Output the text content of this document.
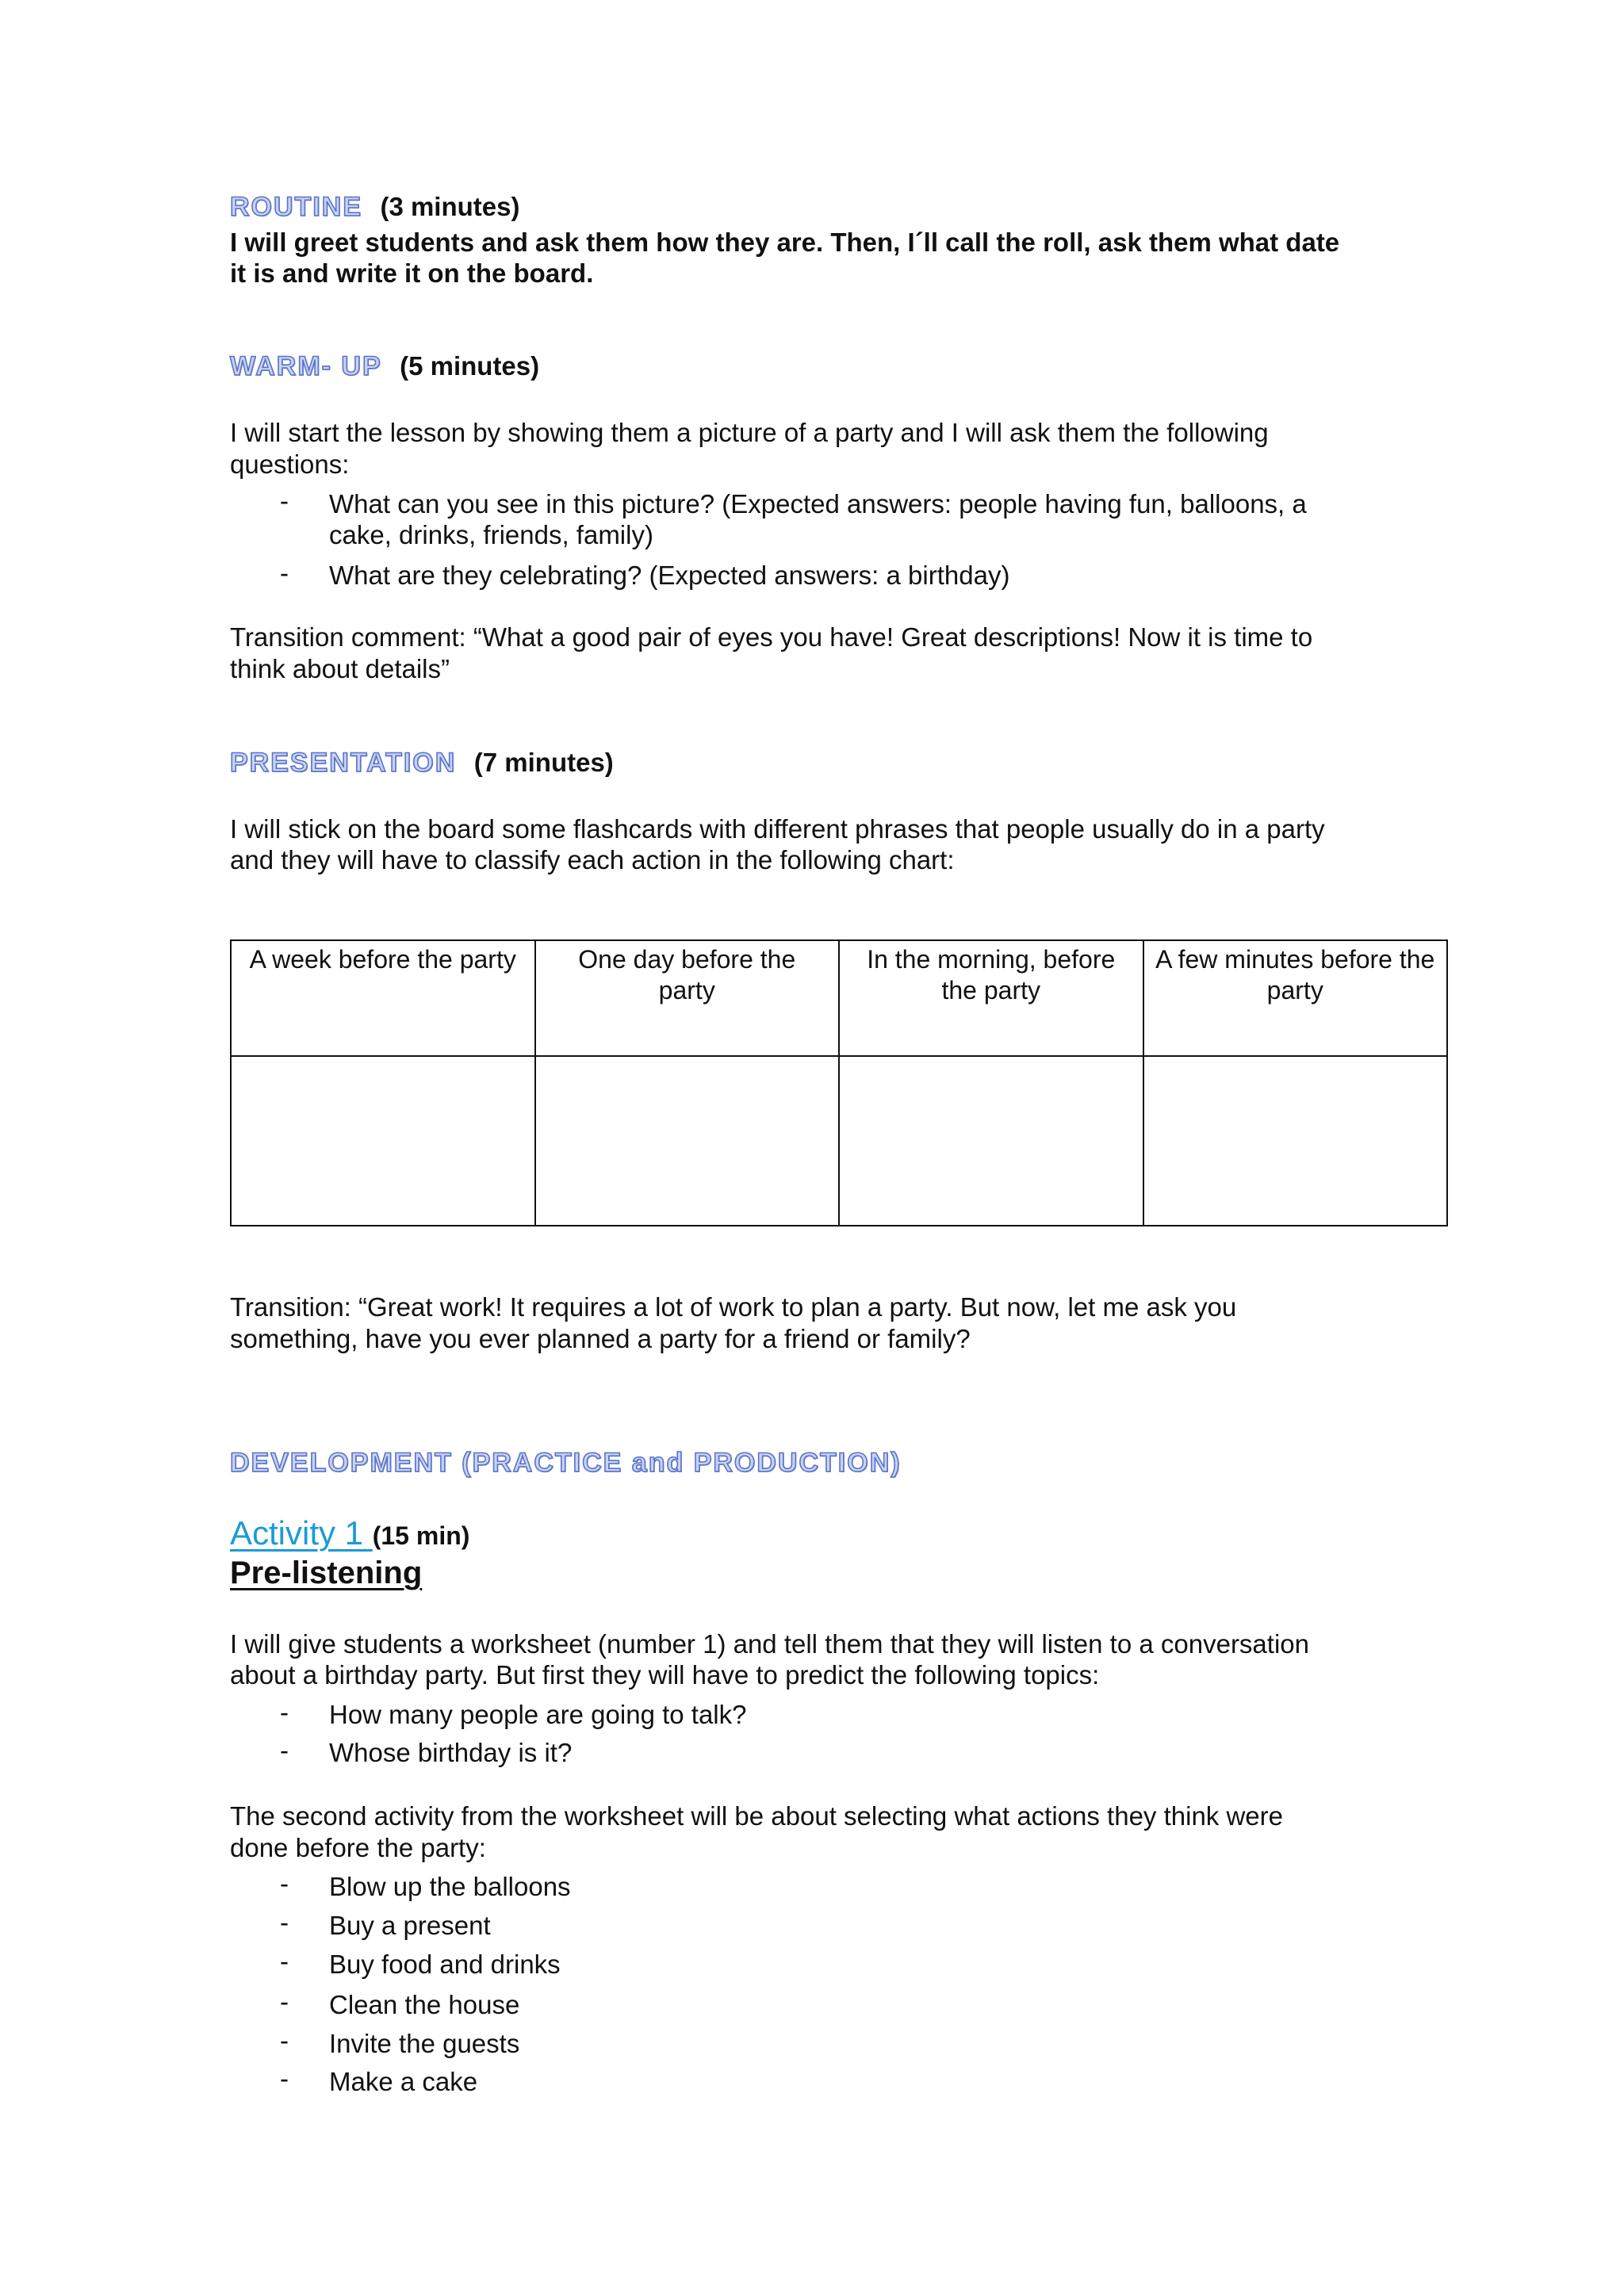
ROUTINE (3 minutes)
I will greet students and ask them how they are. Then, I´ll call the roll, ask them what date
it is and write it on the board.
WARM- UP (5 minutes)
I will start the lesson by showing them a picture of a party and I will ask them the following
questions:
- What can you see in this picture? (Expected answers: people having fun, balloons, a
cake, drinks, friends, family)
- What are they celebrating? (Expected answers: a birthday)
Transition comment: “What a good pair of eyes you have! Great descriptions! Now it is time to
think about details”
PRESENTATION (7 minutes)
I will stick on the board some flashcards with different phrases that people usually do in a party
and they will have to classify each action in the following chart:
A week before the party	One day before the party	In the morning, before the party	A few minutes before the party

Transition: “Great work! It requires a lot of work to plan a party. But now, let me ask you
something, have you ever planned a party for a friend or family?
DEVELOPMENT (PRACTICE and PRODUCTION)
Activity 1 (15 min)
Pre-listening
I will give students a worksheet (number 1) and tell them that they will listen to a conversation
about a birthday party. But first they will have to predict the following topics:
- How many people are going to talk?
- Whose birthday is it?
The second activity from the worksheet will be about selecting what actions they think were
done before the party:
- Blow up the balloons
- Buy a present
- Buy food and drinks
- Clean the house
- Invite the guests
- Make a cake
